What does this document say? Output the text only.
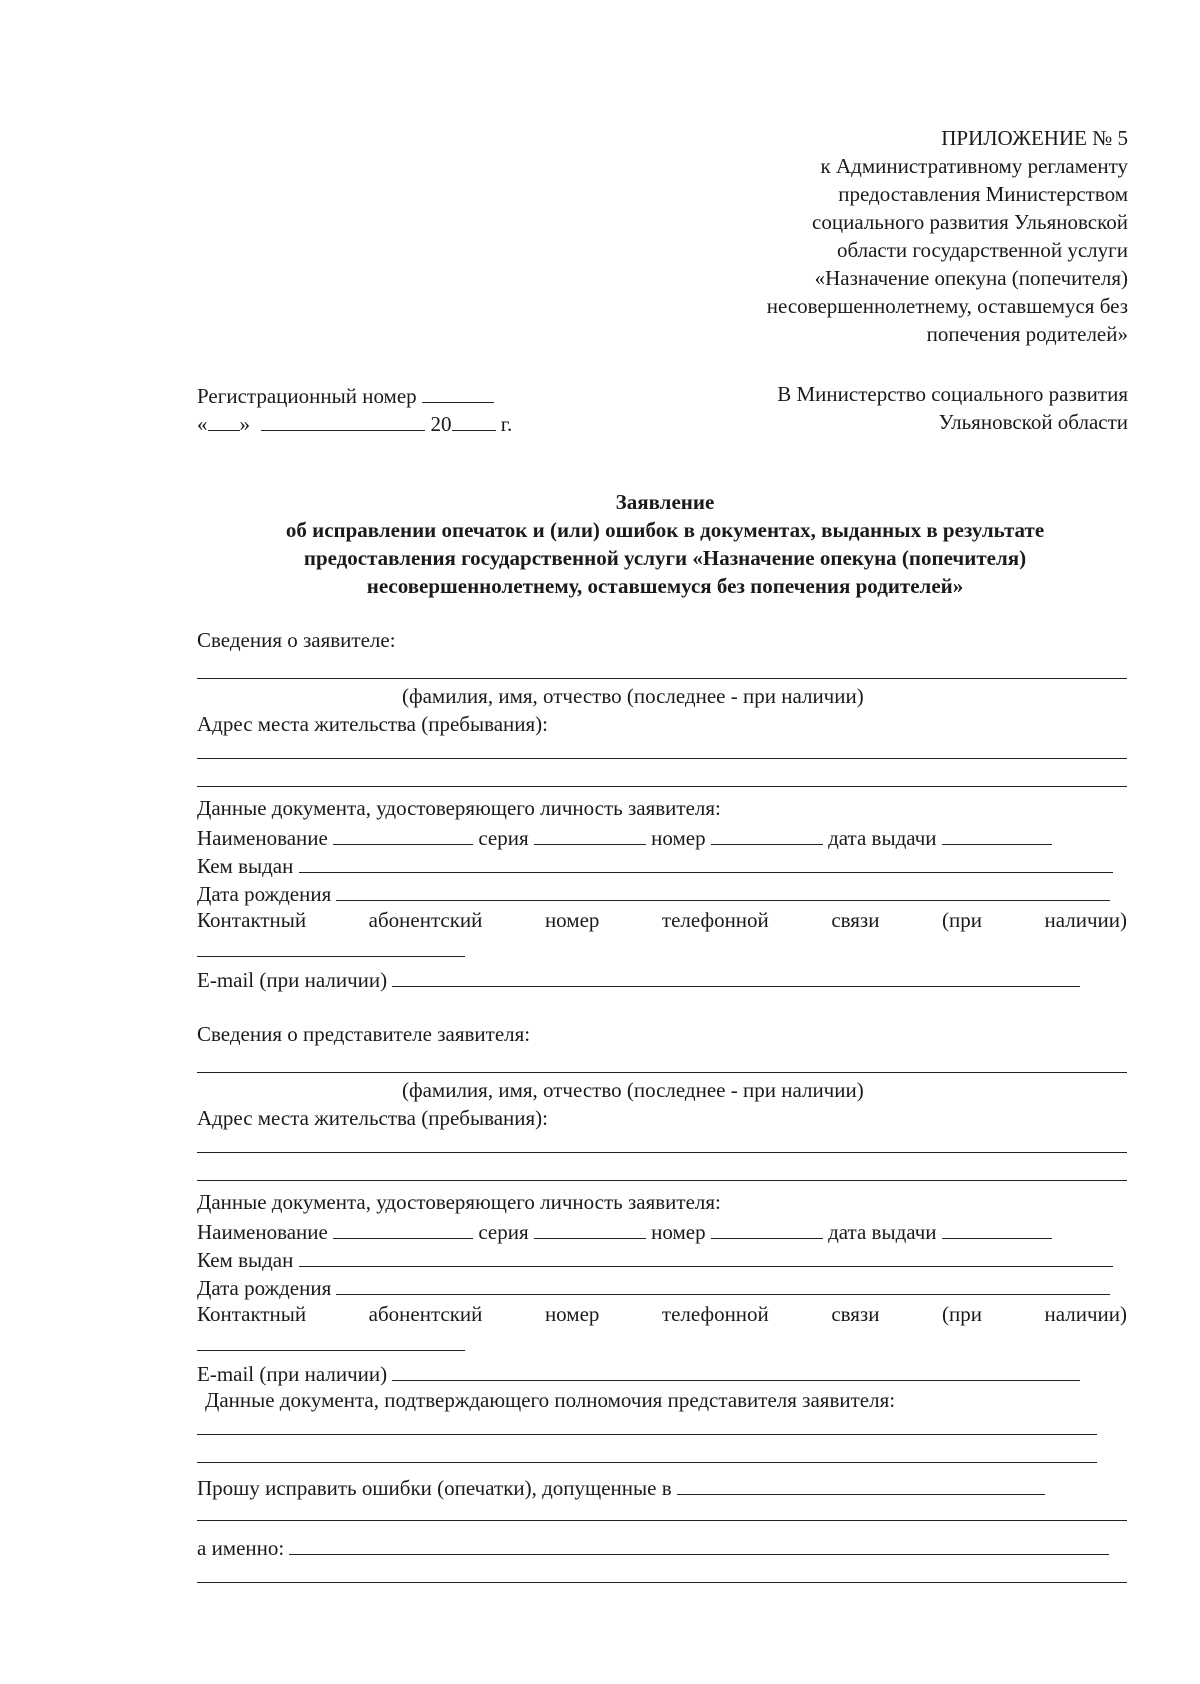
ПРИЛОЖЕНИЕ № 5
к Административному регламенту
предоставления Министерством
социального развития Ульяновской
области государственной услуги
«Назначение опекуна (попечителя)
несовершеннолетнему, оставшемуся без
попечения родителей»
Регистрационный номер
« »	20 г.
В Министерство социального развития
Ульяновской области
Заявление
об исправлении опечаток и (или) ошибок в документах, выданных в результате
предоставления государственной услуги «Назначение опекуна (попечителя)
несовершеннолетнему, оставшемуся без попечения родителей»
Сведения о заявителе:
(фамилия, имя, отчество (последнее - при наличии)
Адрес места жительства (пребывания):
Данные документа, удостоверяющего личность заявителя:
Наименование	серия	номер	дата выдачи
Кем выдан
Дата рождения
Контактный	абонентский	номер	телефонной	связи	(при	наличии)
E-mail (при наличии)
Сведения о представителе заявителя:
(фамилия, имя, отчество (последнее - при наличии)
Адрес места жительства (пребывания):
Данные документа, удостоверяющего личность заявителя:
Наименование	серия	номер	дата выдачи
Кем выдан
Дата рождения
Контактный	абонентский	номер	телефонной	связи	(при	наличии)
E-mail (при наличии)
Данные документа, подтверждающего полномочия представителя заявителя:
Прошу исправить ошибки (опечатки), допущенные в
а именно:
